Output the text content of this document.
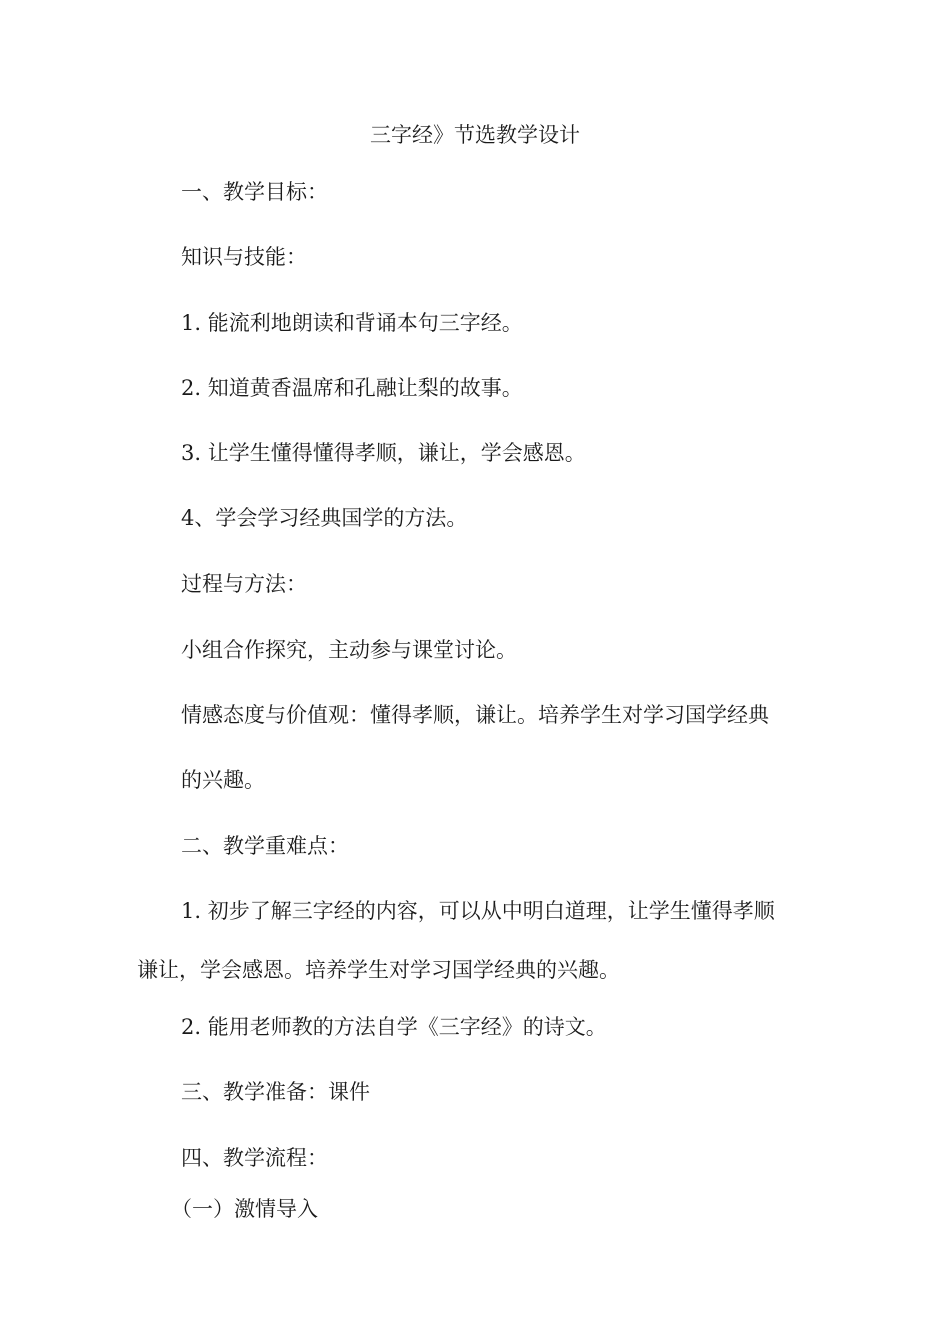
三字经》节选教学设计
一、教学目标：
知识与技能：
1. 能流利地朗读和背诵本句三字经。
2. 知道黄香温席和孔融让梨的故事。
3. 让学生懂得懂得孝顺，谦让，学会感恩。
4、学会学习经典国学的方法。
过程与方法：
小组合作探究，主动参与课堂讨论。
情感态度与价值观：懂得孝顺，谦让。培养学生对学习国学经典
的兴趣。
二、教学重难点：
1. 初步了解三字经的内容，可以从中明白道理，让学生懂得孝顺
谦让，学会感恩。培养学生对学习国学经典的兴趣。
2. 能用老师教的方法自学《三字经》的诗文。
三、教学准备：课件
四、教学流程：
（一）激情导入
